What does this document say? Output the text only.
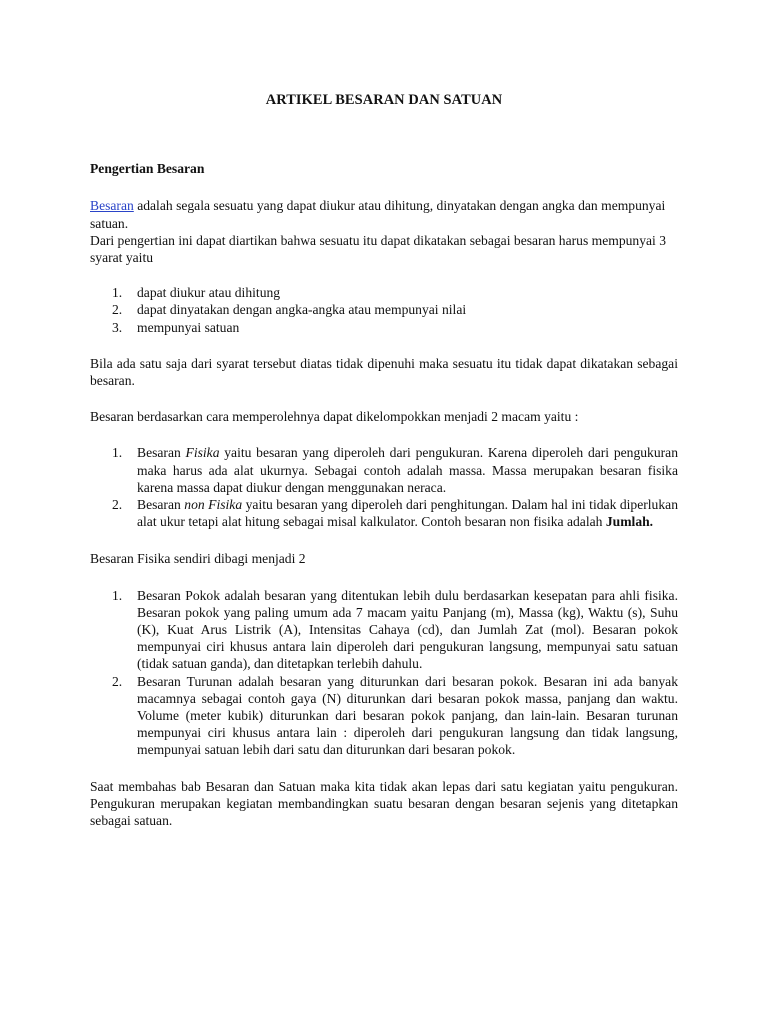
ARTIKEL BESARAN DAN SATUAN
Pengertian Besaran

Besaran adalah segala sesuatu yang dapat diukur atau dihitung, dinyatakan dengan angka dan mempunyai satuan.

Dari pengertian ini dapat diartikan bahwa sesuatu itu dapat dikatakan sebagai besaran harus mempunyai 3 syarat yaitu

1. dapat diukur atau dihitung
2. dapat dinyatakan dengan angka-angka atau mempunyai nilai
3. mempunyai satuan

Bila ada satu saja dari syarat tersebut diatas tidak dipenuhi maka sesuatu itu tidak dapat dikatakan sebagai besaran.

Besaran berdasarkan cara memperolehnya dapat dikelompokkan menjadi 2 macam yaitu :

1. Besaran Fisika yaitu besaran yang diperoleh dari pengukuran. Karena diperoleh dari pengukuran maka harus ada alat ukurnya. Sebagai contoh adalah massa. Massa merupakan besaran fisika karena massa dapat diukur dengan menggunakan neraca.
2. Besaran non Fisika yaitu besaran yang diperoleh dari penghitungan. Dalam hal ini tidak diperlukan alat ukur tetapi alat hitung sebagai misal kalkulator. Contoh besaran non fisika adalah Jumlah.

Besaran Fisika sendiri dibagi menjadi 2

1. Besaran Pokok adalah besaran yang ditentukan lebih dulu berdasarkan kesepatan para ahli fisika. Besaran pokok yang paling umum ada 7 macam yaitu Panjang (m), Massa (kg), Waktu (s), Suhu (K), Kuat Arus Listrik (A), Intensitas Cahaya (cd), dan Jumlah Zat (mol). Besaran pokok mempunyai ciri khusus antara lain diperoleh dari pengukuran langsung, mempunyai satu satuan (tidak satuan ganda), dan ditetapkan terlebih dahulu.
2. Besaran Turunan adalah besaran yang diturunkan dari besaran pokok. Besaran ini ada banyak macamnya sebagai contoh gaya (N) diturunkan dari besaran pokok massa, panjang dan waktu. Volume (meter kubik) diturunkan dari besaran pokok panjang, dan lain-lain. Besaran turunan mempunyai ciri khusus antara lain : diperoleh dari pengukuran langsung dan tidak langsung, mempunyai satuan lebih dari satu dan diturunkan dari besaran pokok.

Saat membahas bab Besaran dan Satuan maka kita tidak akan lepas dari satu kegiatan yaitu pengukuran. Pengukuran merupakan kegiatan membandingkan suatu besaran dengan besaran sejenis yang ditetapkan sebagai satuan.
